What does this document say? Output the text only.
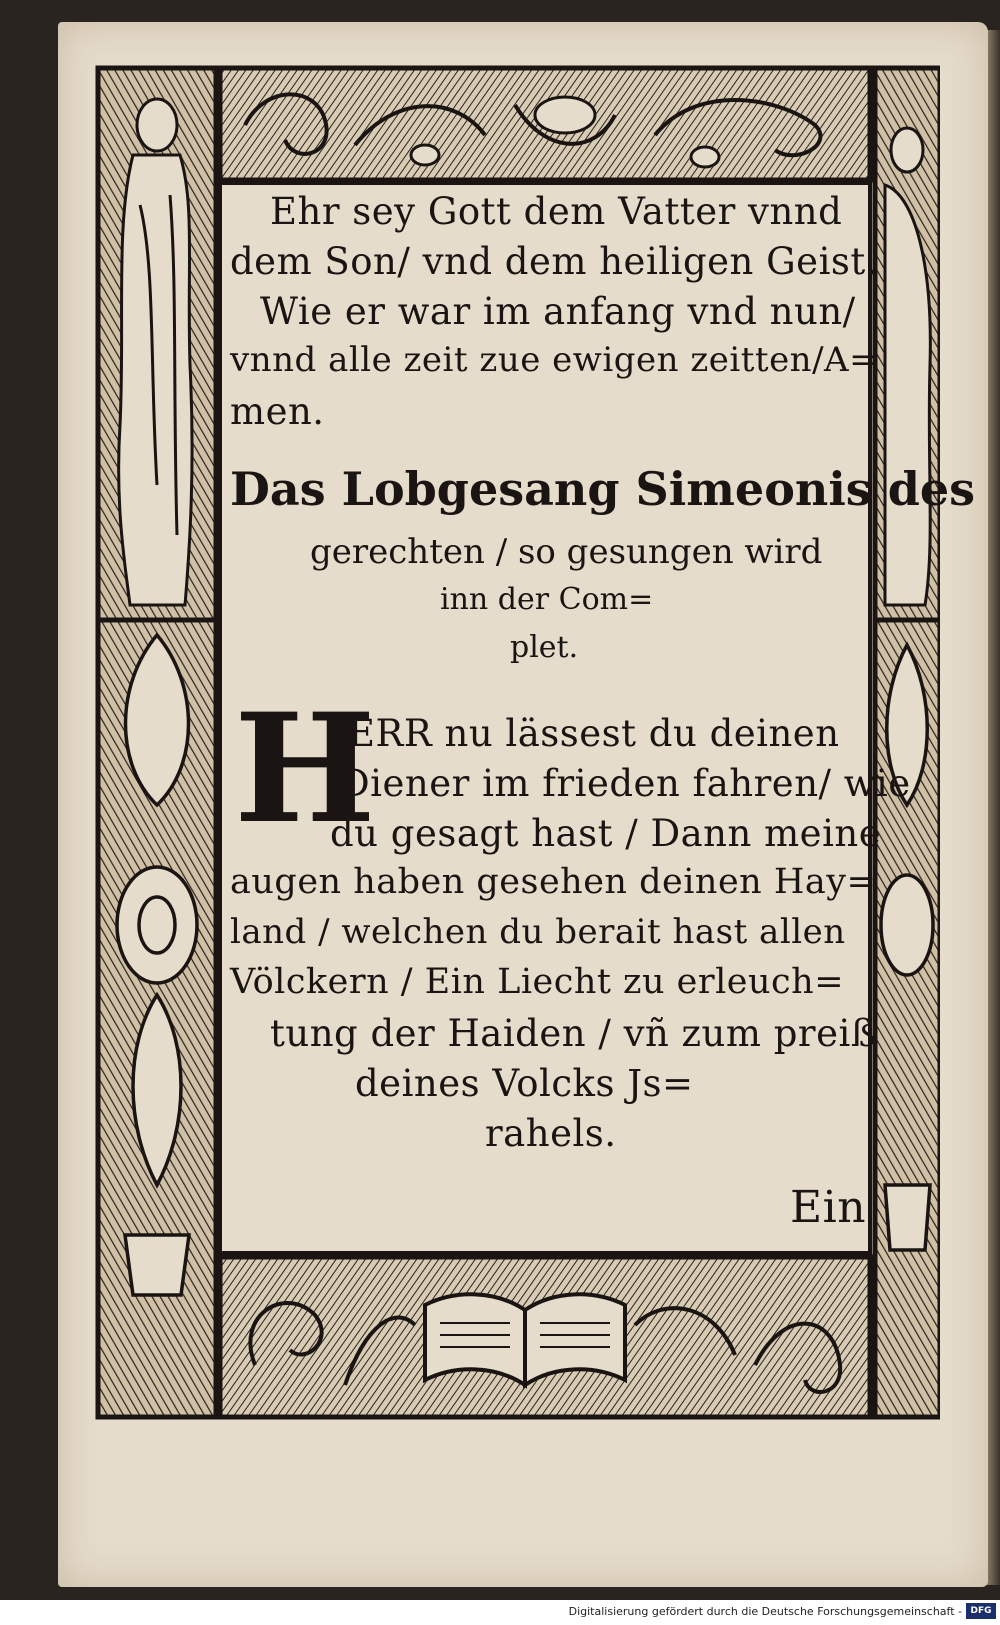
Ehr sey Gott dem Vatter vnnd
dem Son/ vnd dem heiligen Geist.
Wie er war im anfang vnd nun/
vnnd alle zeit zue ewigen zeitten/A=
men.
Das Lobgesang Simeonis des
gerechten / so gesungen wird
inn der Com=
plet.
H
ERR nu lässest du deinen
Diener im frieden fahren/ wie
du gesagt hast / Dann meine
augen haben gesehen deinen Hay=
land / welchen du berait hast allen
Völckern / Ein Liecht zu erleuch=
tung der Haiden / vñ zum preiß
deines Volcks Js=
rahels.
Ein
Digitalisierung gefördert durch die Deutsche Forschungsgemeinschaft - DFG
